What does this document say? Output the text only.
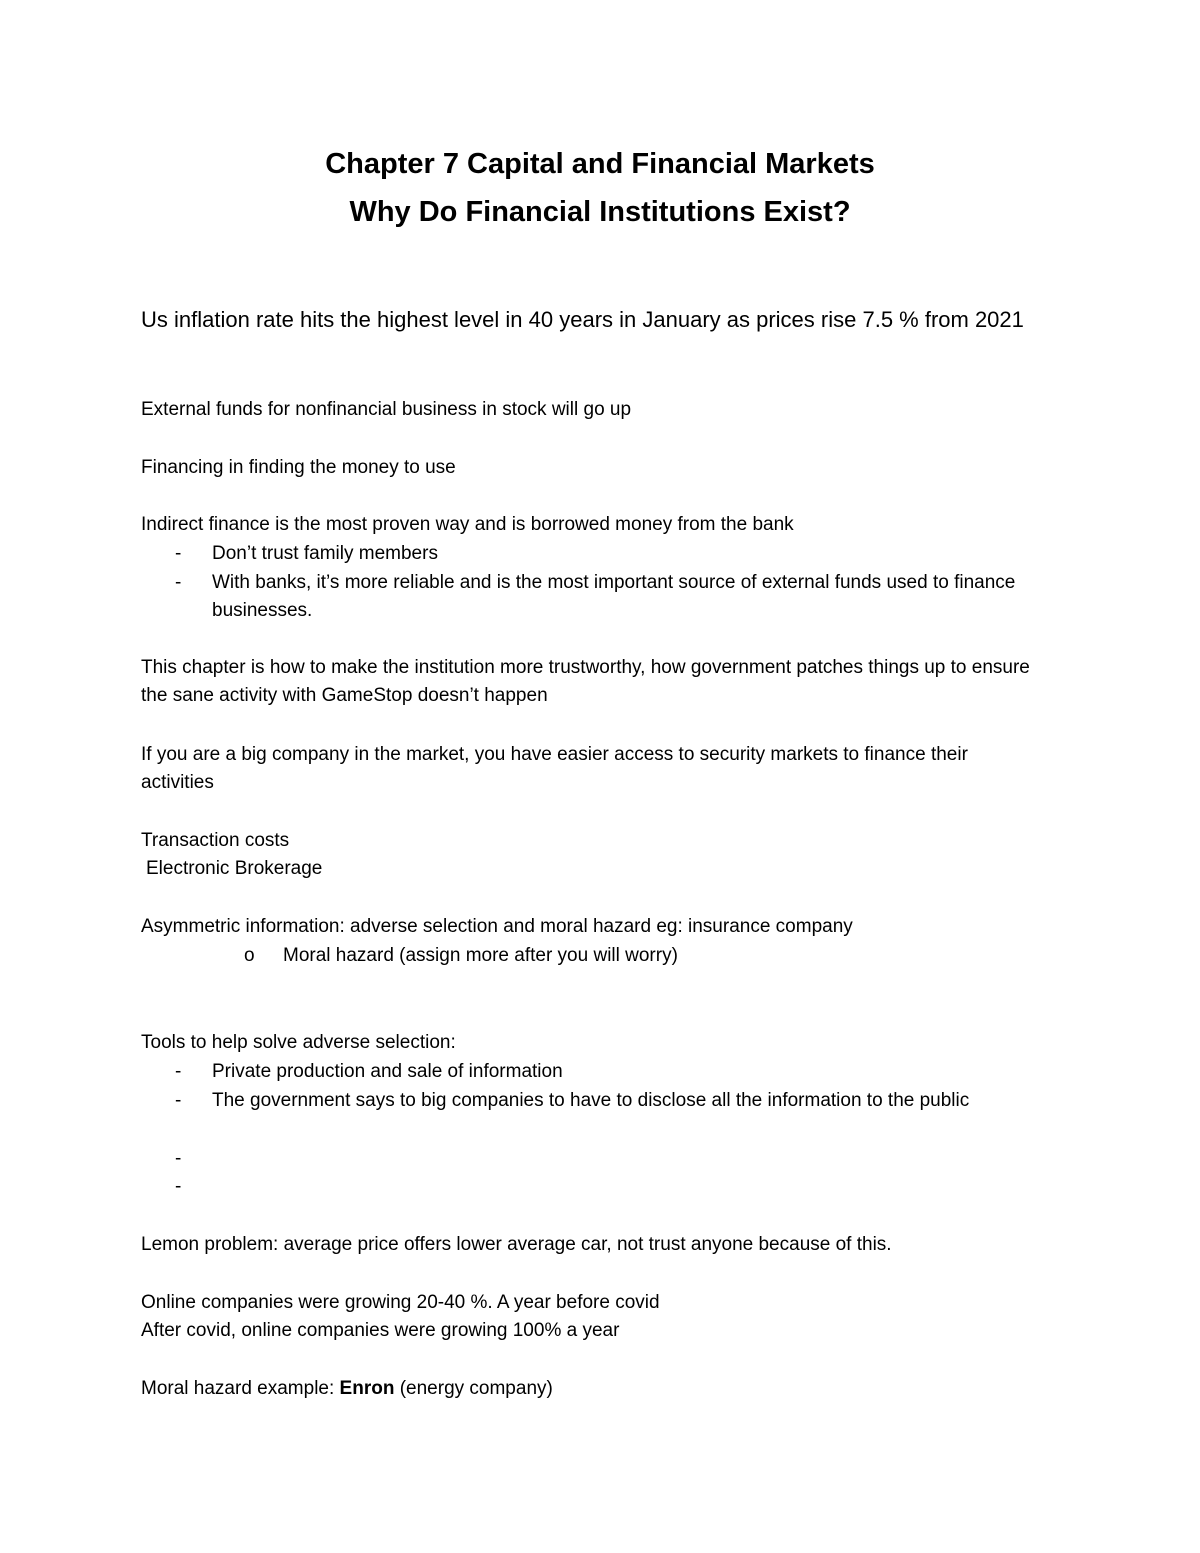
Chapter 7 Capital and Financial Markets
Why Do Financial Institutions Exist?
Us inflation rate hits the highest level in 40 years in January as prices rise 7.5 % from 2021
External funds for nonfinancial business in stock will go up
Financing in finding the money to use
Indirect finance is the most proven way and is borrowed money from the bank
-	Don’t trust family members
-	With banks, it’s more reliable and is the most important source of external funds used to finance businesses.
This chapter is how to make the institution more trustworthy, how government patches things up to ensure the sane activity with GameStop doesn’t happen
If you are a big company in the market, you have easier access to security markets to finance their activities
Transaction costs
Electronic Brokerage
Asymmetric information: adverse selection and moral hazard eg: insurance company
o Moral hazard (assign more after you will worry)
Tools to help solve adverse selection:
-	Private production and sale of information
-	The government says to big companies to have to disclose all the information to the public
-
-
Lemon problem: average price offers lower average car, not trust anyone because of this.
Online companies were growing 20-40 %. A year before covid
After covid, online companies were growing 100% a year
Moral hazard example: Enron (energy company)
